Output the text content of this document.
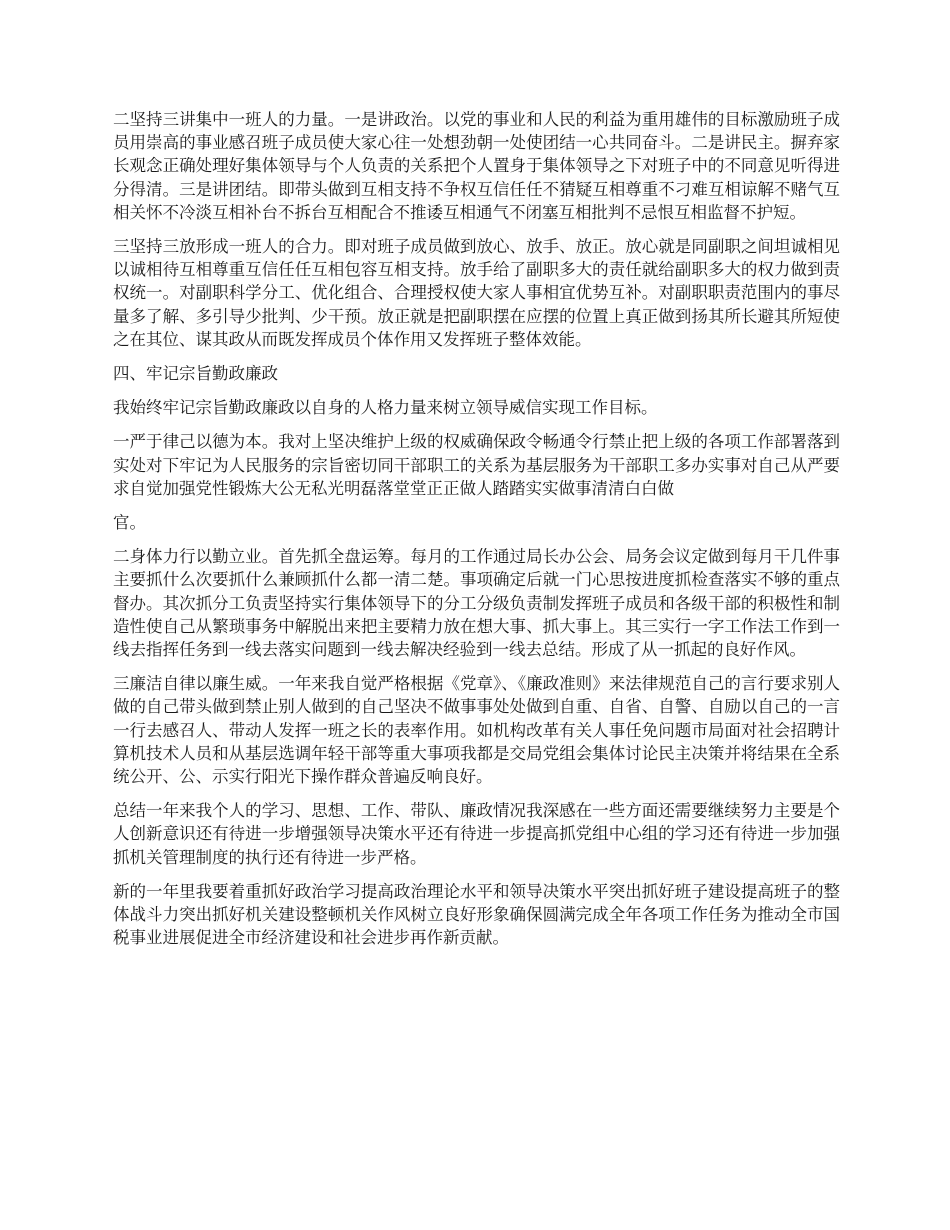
二坚持三讲集中一班人的力量。一是讲政治。以党的事业和人民的利益为重用雄伟的目标激励班子成员用崇高的事业感召班子成员使大家心往一处想劲朝一处使团结一心共同奋斗。二是讲民主。摒弃家长观念正确处理好集体领导与个人负责的关系把个人置身于集体领导之下对班子中的不同意见听得进分得清。三是讲团结。即带头做到互相支持不争权互信任任不猜疑互相尊重不刁难互相谅解不赌气互相关怀不冷淡互相补台不拆台互相配合不推诿互相通气不闭塞互相批判不忌恨互相监督不护短。

三坚持三放形成一班人的合力。即对班子成员做到放心、放手、放正。放心就是同副职之间坦诚相见以诚相待互相尊重互信任任互相包容互相支持。放手给了副职多大的责任就给副职多大的权力做到责权统一。对副职科学分工、优化组合、合理授权使大家人事相宜优势互补。对副职职责范围内的事尽量多了解、多引导少批判、少干预。放正就是把副职摆在应摆的位置上真正做到扬其所长避其所短使之在其位、谋其政从而既发挥成员个体作用又发挥班子整体效能。

四、牢记宗旨勤政廉政

我始终牢记宗旨勤政廉政以自身的人格力量来树立领导威信实现工作目标。

一严于律己以德为本。我对上坚决维护上级的权威确保政令畅通令行禁止把上级的各项工作部署落到实处对下牢记为人民服务的宗旨密切同干部职工的关系为基层服务为干部职工多办实事对自己从严要求自觉加强党性锻炼大公无私光明磊落堂堂正正做人踏踏实实做事清清白白做

官。

二身体力行以勤立业。首先抓全盘运筹。每月的工作通过局长办公会、局务会议定做到每月干几件事主要抓什么次要抓什么兼顾抓什么都一清二楚。事项确定后就一门心思按进度抓检查落实不够的重点督办。其次抓分工负责坚持实行集体领导下的分工分级负责制发挥班子成员和各级干部的积极性和制造性使自己从繁琐事务中解脱出来把主要精力放在想大事、抓大事上。其三实行一字工作法工作到一线去指挥任务到一线去落实问题到一线去解决经验到一线去总结。形成了从一抓起的良好作风。

三廉洁自律以廉生威。一年来我自觉严格根据《党章》、《廉政准则》来法律规范自己的言行要求别人做的自己带头做到禁止别人做到的自己坚决不做事事处处做到自重、自省、自警、自励以自己的一言一行去感召人、带动人发挥一班之长的表率作用。如机构改革有关人事任免问题市局面对社会招聘计算机技术人员和从基层选调年轻干部等重大事项我都是交局党组会集体讨论民主决策并将结果在全系统公开、公、示实行阳光下操作群众普遍反响良好。

总结一年来我个人的学习、思想、工作、带队、廉政情况我深感在一些方面还需要继续努力主要是个人创新意识还有待进一步增强领导决策水平还有待进一步提高抓党组中心组的学习还有待进一步加强抓机关管理制度的执行还有待进一步严格。

新的一年里我要着重抓好政治学习提高政治理论水平和领导决策水平突出抓好班子建设提高班子的整体战斗力突出抓好机关建设整顿机关作风树立良好形象确保圆满完成全年各项工作任务为推动全市国税事业进展促进全市经济建设和社会进步再作新贡献。
